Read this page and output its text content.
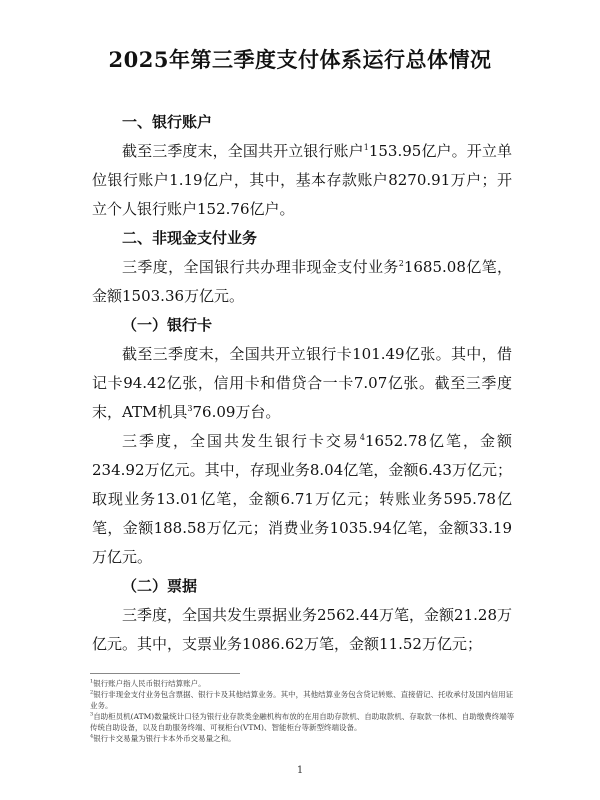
2025年第三季度支付体系运行总体情况
一、银行账户

截至三季度末，全国共开立银行账户$^1$153.95亿户。开立单位银行账户1.19亿户，其中，基本存款账户8270.91万户；开立个人银行账户152.76亿户。

二、非现金支付业务

三季度，全国银行共办理非现金支付业务$^2$1685.08亿笔，金额1503.36万亿元。

（一）银行卡

截至三季度末，全国共开立银行卡101.49亿张。其中，借记卡94.42亿张，信用卡和借贷合一卡7.07亿张。截至三季度末，ATM机具$^3$76.09万台。

三季度，全国共发生银行卡交易$^4$1652.78亿笔，金额234.92万亿元。其中，存现业务8.04亿笔，金额6.43万亿元；取现业务13.01亿笔，金额6.71万亿元；转账业务595.78亿笔，金额188.58万亿元；消费业务1035.94亿笔，金额33.19万亿元。

（二）票据

三季度，全国共发生票据业务2562.44万笔，金额21.28万亿元。其中，支票业务1086.62万笔，金额11.52万亿元；

$^1$银行账户指人民币银行结算账户。

$^2$银行非现金支付业务包含票据、银行卡及其他结算业务。其中，其他结算业务包含贷记转账、直接借记、托收承付及国内信用证业务。

$^3$自助柜员机(ATM)数量统计口径为银行业存款类金融机构布放的在用自助存款机、自助取款机、存取款一体机、自助缴费终端等传统自助设备，以及自助服务终端、可视柜台(VTM)、智能柜台等新型终端设备。

$^4$银行卡交易量为银行卡本外币交易量之和。

1
